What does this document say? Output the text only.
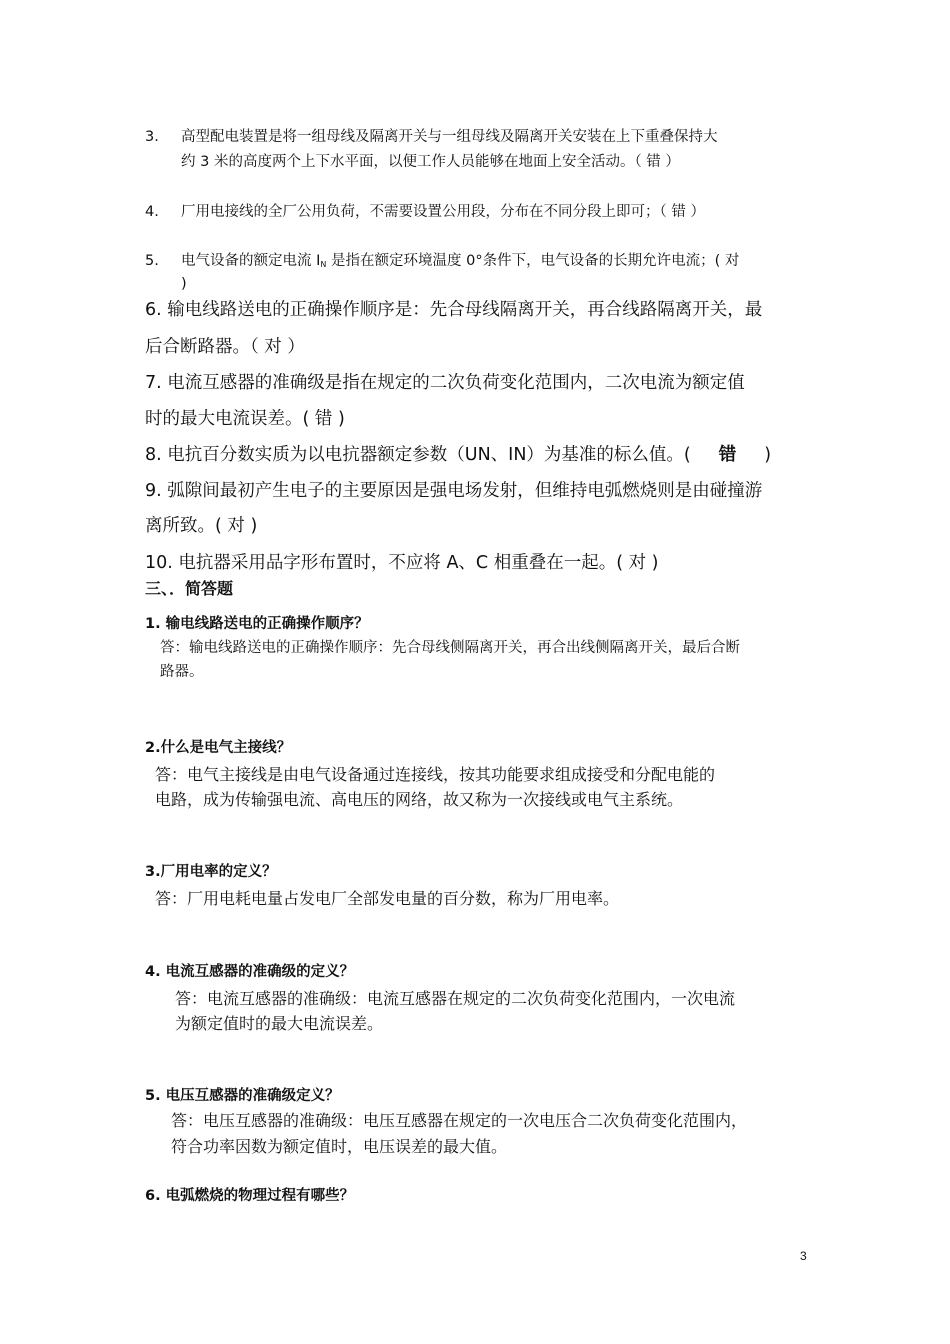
3. 高型配电装置是将一组母线及隔离开关与一组母线及隔离开关安装在上下重叠保持大
约 3 米的高度两个上下水平面，以便工作人员能够在地面上安全活动。（ 错 ）
4. 厂用电接线的全厂公用负荷，不需要设置公用段，分布在不同分段上即可；（ 错 ）
5. 电气设备的额定电流 $I_N$ 是指在额定环境温度 0°条件下，电气设备的长期允许电流；( 对
)
6. 输电线路送电的正确操作顺序是：先合母线隔离开关，再合线路隔离开关，最
后合断路器。（ 对 ）
7. 电流互感器的准确级是指在规定的二次负荷变化范围内，二次电流为额定值
时的最大电流误差。( 错 )
8. 电抗百分数实质为以电抗器额定参数（UN、IN）为基准的标么值。( 错 )
9. 弧隙间最初产生电子的主要原因是强电场发射，但维持电弧燃烧则是由碰撞游
离所致。( 对 )
10. 电抗器采用品字形布置时，不应将 A、C 相重叠在一起。( 对 )
三、．简答题
1. 输电线路送电的正确操作顺序？
答：输电线路送电的正确操作顺序：先合母线侧隔离开关，再合出线侧隔离开关，最后合断
路器。
2.什么是电气主接线？
答：电气主接线是由电气设备通过连接线，按其功能要求组成接受和分配电能的
电路，成为传输强电流、高电压的网络，故又称为一次接线或电气主系统。
3.厂用电率的定义？
答：厂用电耗电量占发电厂全部发电量的百分数，称为厂用电率。
4. 电流互感器的准确级的定义？
答：电流互感器的准确级：电流互感器在规定的二次负荷变化范围内，一次电流
为额定值时的最大电流误差。
5. 电压互感器的准确级定义？
答：电压互感器的准确级：电压互感器在规定的一次电压合二次负荷变化范围内，
符合功率因数为额定值时，电压误差的最大值。
6. 电弧燃烧的物理过程有哪些？
3
